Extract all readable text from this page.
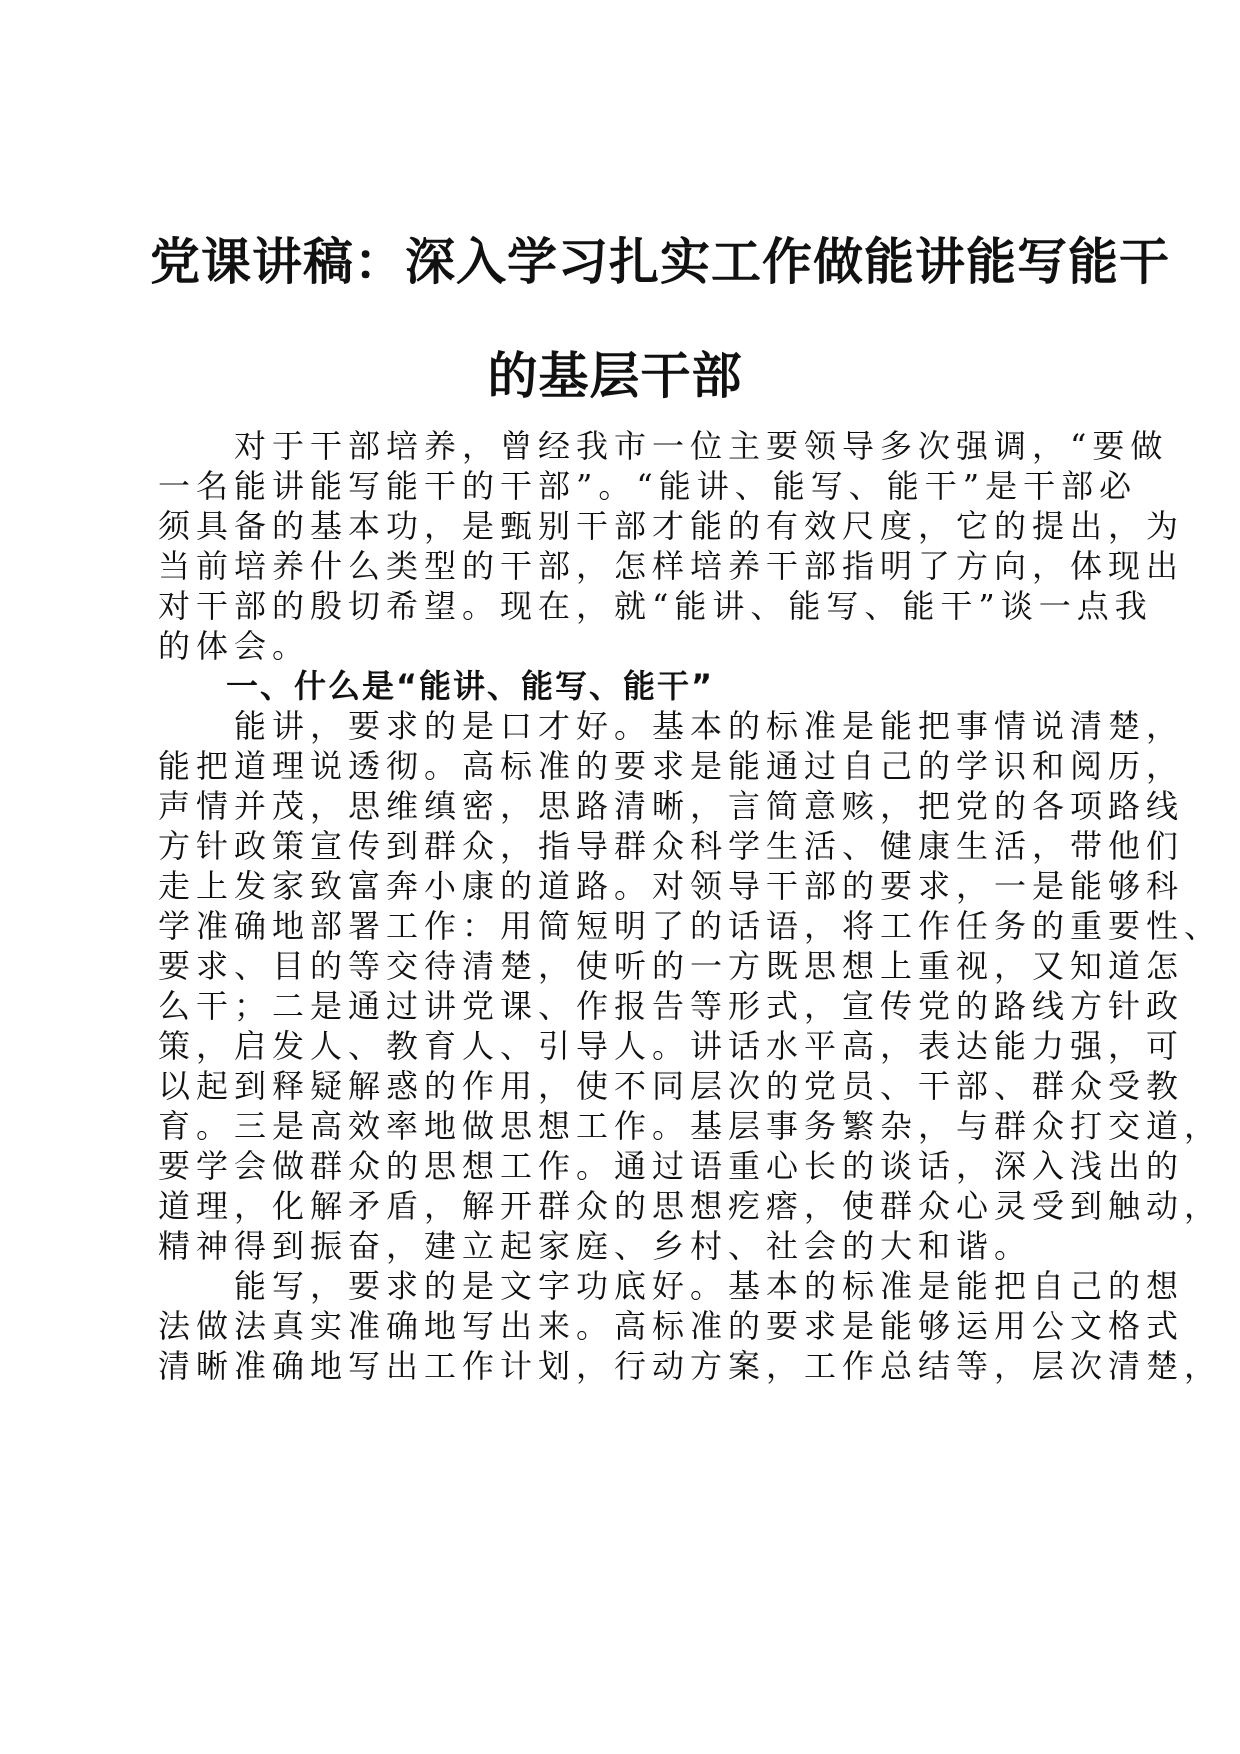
党课讲稿：深入学习扎实工作做能讲能写能干
的基层干部
　　对于干部培养，曾经我市一位主要领导多次强调，“要做
一名能讲能写能干的干部”。“能讲、能写、能干”是干部必
须具备的基本功，是甄别干部才能的有效尺度，它的提出，为
当前培养什么类型的干部，怎样培养干部指明了方向，体现出
对干部的殷切希望。现在，就“能讲、能写、能干”谈一点我
的体会。
　　一、什么是“能讲、能写、能干”
　　能讲，要求的是口才好。基本的标准是能把事情说清楚，
能把道理说透彻。高标准的要求是能通过自己的学识和阅历，
声情并茂，思维缜密，思路清晰，言简意赅，把党的各项路线
方针政策宣传到群众，指导群众科学生活、健康生活，带他们
走上发家致富奔小康的道路。对领导干部的要求，一是能够科
学准确地部署工作：用简短明了的话语，将工作任务的重要性、
要求、目的等交待清楚，使听的一方既思想上重视，又知道怎
么干；二是通过讲党课、作报告等形式，宣传党的路线方针政
策，启发人、教育人、引导人。讲话水平高，表达能力强，可
以起到释疑解惑的作用，使不同层次的党员、干部、群众受教
育。三是高效率地做思想工作。基层事务繁杂，与群众打交道，
要学会做群众的思想工作。通过语重心长的谈话，深入浅出的
道理，化解矛盾，解开群众的思想疙瘩，使群众心灵受到触动，
精神得到振奋，建立起家庭、乡村、社会的大和谐。
　　能写，要求的是文字功底好。基本的标准是能把自己的想
法做法真实准确地写出来。高标准的要求是能够运用公文格式
清晰准确地写出工作计划，行动方案，工作总结等，层次清楚，
